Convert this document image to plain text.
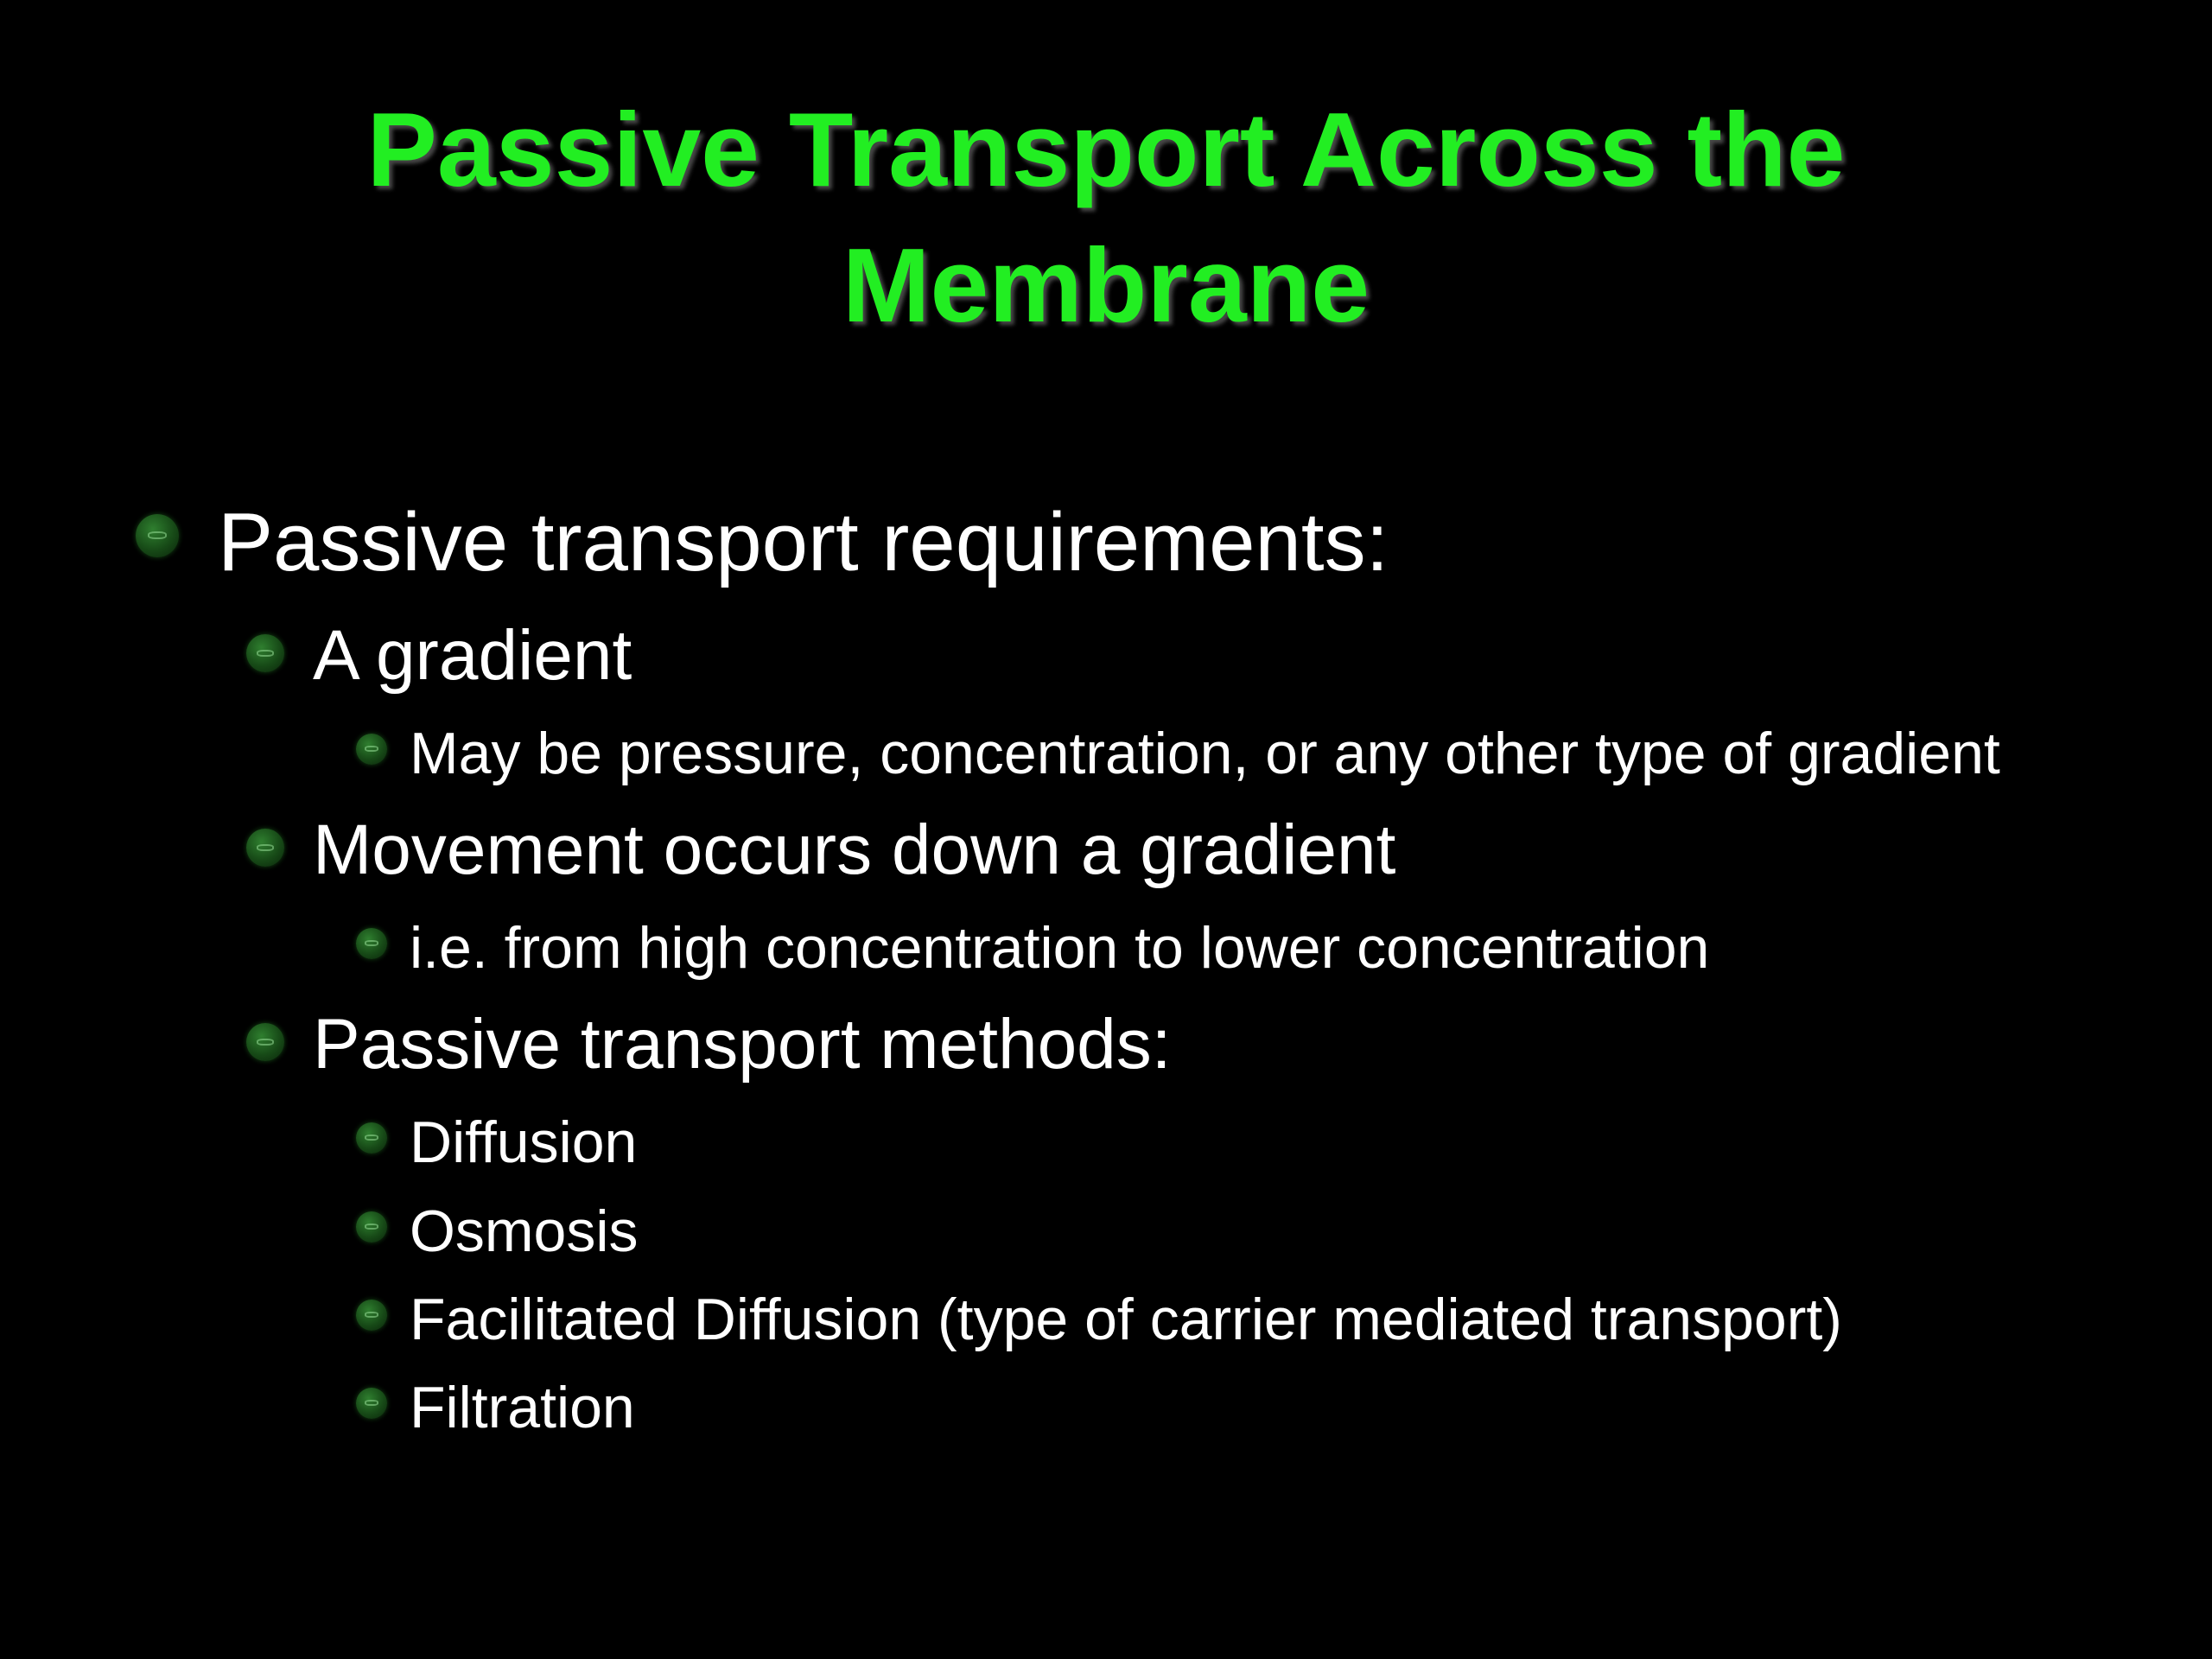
Passive Transport Across the
Membrane
Passive transport requirements:
A gradient
May be pressure, concentration, or any other type of gradient
Movement occurs down a gradient
i.e. from high concentration to lower concentration
Passive transport methods:
Diffusion
Osmosis
Facilitated Diffusion (type of carrier mediated transport)
Filtration
